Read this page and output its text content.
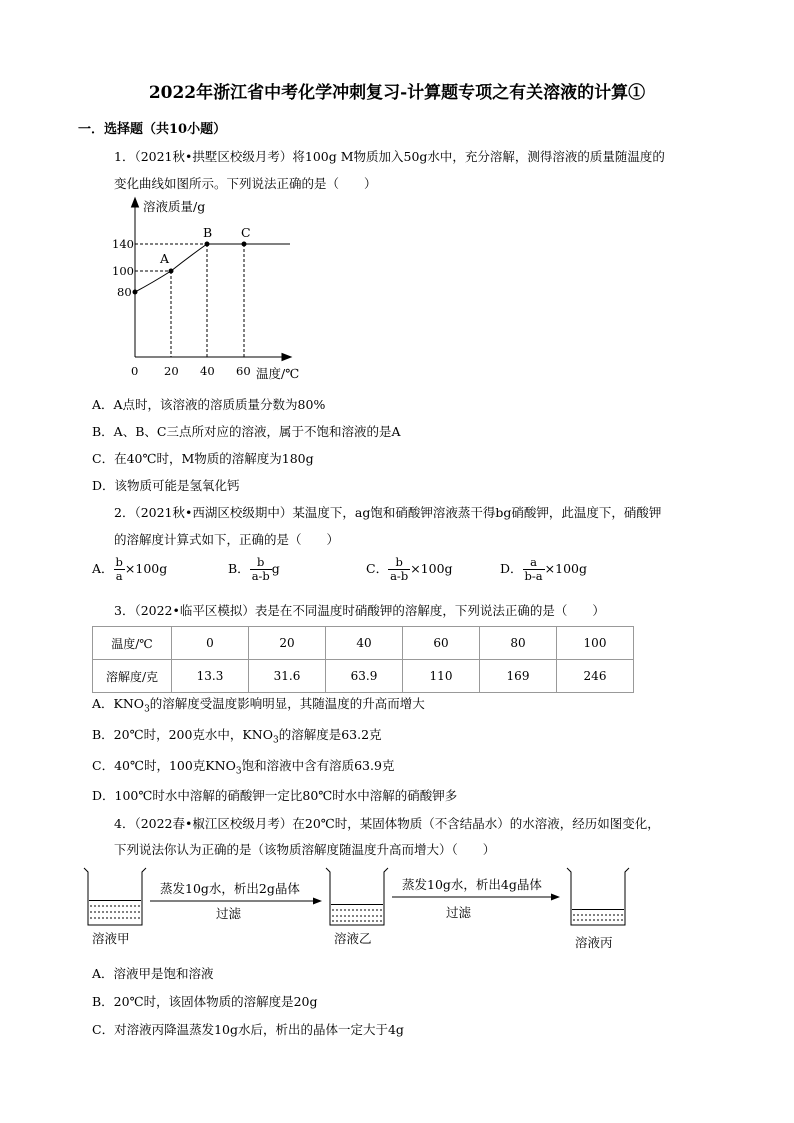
2022年浙江省中考化学冲刺复习-计算题专项之有关溶液的计算①
一．选择题（共10小题）
1．（2021秋•拱墅区校级月考）将100g M物质加入50g水中，充分溶解，测得溶液的质量随温度的
变化曲线如图所示。下列说法正确的是（　　）
溶液质量/g
温度/℃
140
100
80
0 20 40 60
A
B C
A．A点时，该溶液的溶质质量分数为80%
B．A、B、C三点所对应的溶液，属于不饱和溶液的是A
C．在40℃时，M物质的溶解度为180g
D．该物质可能是氢氧化钙
2．（2021秋•西湖区校级期中）某温度下，ag饱和硝酸钾溶液蒸干得bg硝酸钾，此温度下，硝酸钾
的溶解度计算式如下，正确的是（　　）
A． $\frac{b}{a} \times 100g$	B． $\frac{b}{a-b}$ g	C． $\frac{b}{a-b} \times 100g$	D． $\frac{a}{b-a} \times 100g$
3．（2022•临平区模拟）表是在不同温度时硝酸钾的溶解度，下列说法正确的是（　　）
温度/℃	0	20	40	60	80	100
溶解度/克	13.3	31.6	63.9	110	169	246
A．$KNO_3$的溶解度受温度影响明显，其随温度的升高而增大
B．20℃时，200克水中，$KNO_3$的溶解度是63.2克
C．40℃时，100克$KNO_3$饱和溶液中含有溶质63.9克
D．100℃时水中溶解的硝酸钾一定比80℃时水中溶解的硝酸钾多
4．（2022春•椒江区校级月考）在20℃时，某固体物质（不含结晶水）的水溶液，经历如图变化，
下列说法你认为正确的是（该物质溶解度随温度升高而增大）（　　）
蒸发10g水，析出2g晶体
过滤
蒸发10g水，析出4g晶体
过滤
溶液甲	溶液乙	溶液丙
A．溶液甲是饱和溶液
B．20℃时，该固体物质的溶解度是20g
C．对溶液丙降温蒸发10g水后，析出的晶体一定大于4g
